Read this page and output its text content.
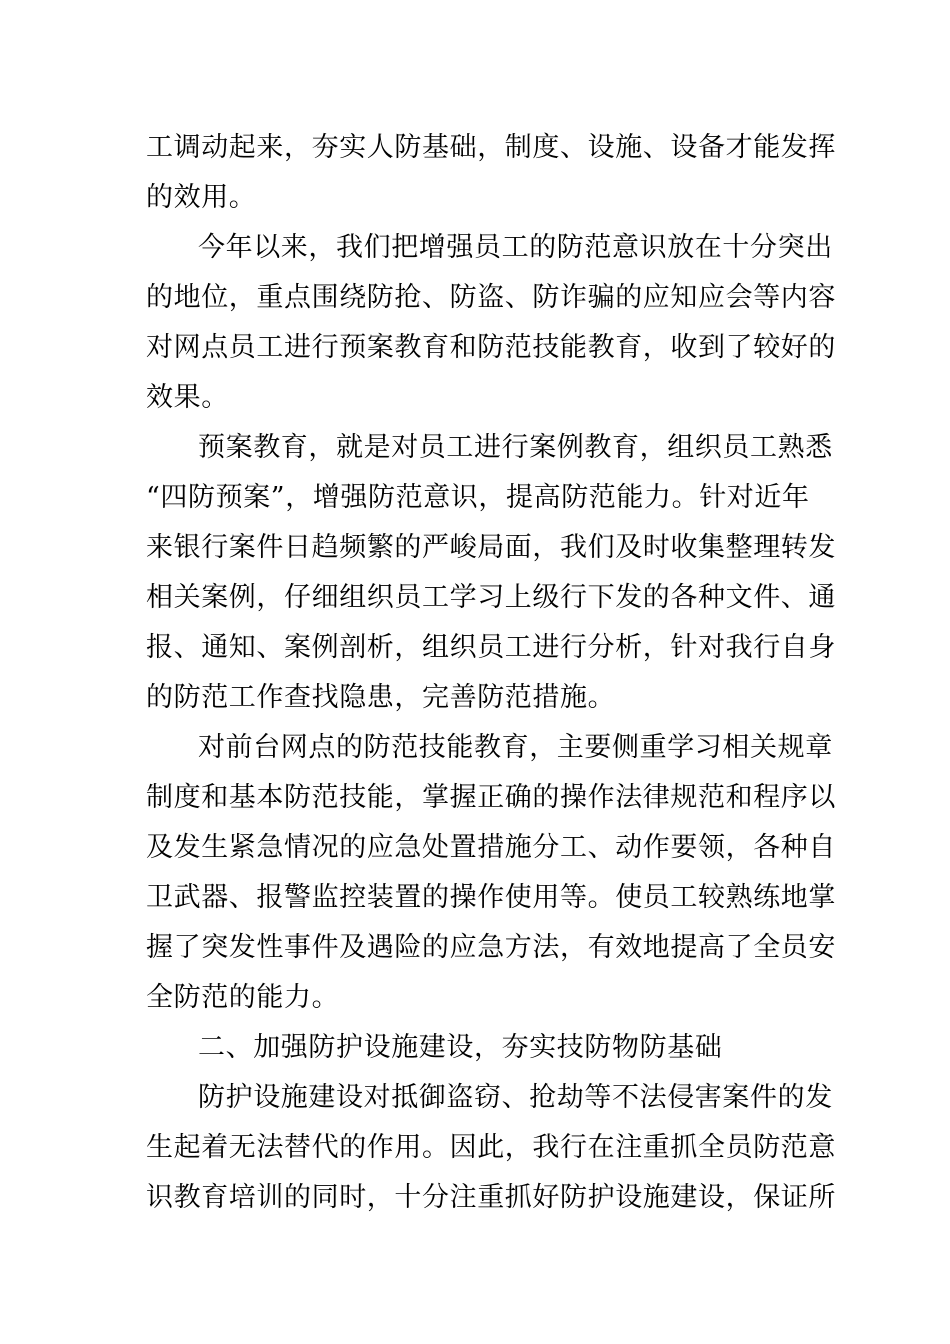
工调动起来，夯实人防基础，制度、设施、设备才能发挥
的效用。
今年以来，我们把增强员工的防范意识放在十分突出
的地位，重点围绕防抢、防盗、防诈骗的应知应会等内容
对网点员工进行预案教育和防范技能教育，收到了较好的
效果。
预案教育，就是对员工进行案例教育，组织员工熟悉
“四防预案”，增强防范意识，提高防范能力。针对近年
来银行案件日趋频繁的严峻局面，我们及时收集整理转发
相关案例，仔细组织员工学习上级行下发的各种文件、通
报、通知、案例剖析，组织员工进行分析，针对我行自身
的防范工作查找隐患，完善防范措施。
对前台网点的防范技能教育，主要侧重学习相关规章
制度和基本防范技能，掌握正确的操作法律规范和程序以
及发生紧急情况的应急处置措施分工、动作要领，各种自
卫武器、报警监控装置的操作使用等。使员工较熟练地掌
握了突发性事件及遇险的应急方法，有效地提高了全员安
全防范的能力。
二、加强防护设施建设，夯实技防物防基础
防护设施建设对抵御盗窃、抢劫等不法侵害案件的发
生起着无法替代的作用。因此，我行在注重抓全员防范意
识教育培训的同时，十分注重抓好防护设施建设，保证所
